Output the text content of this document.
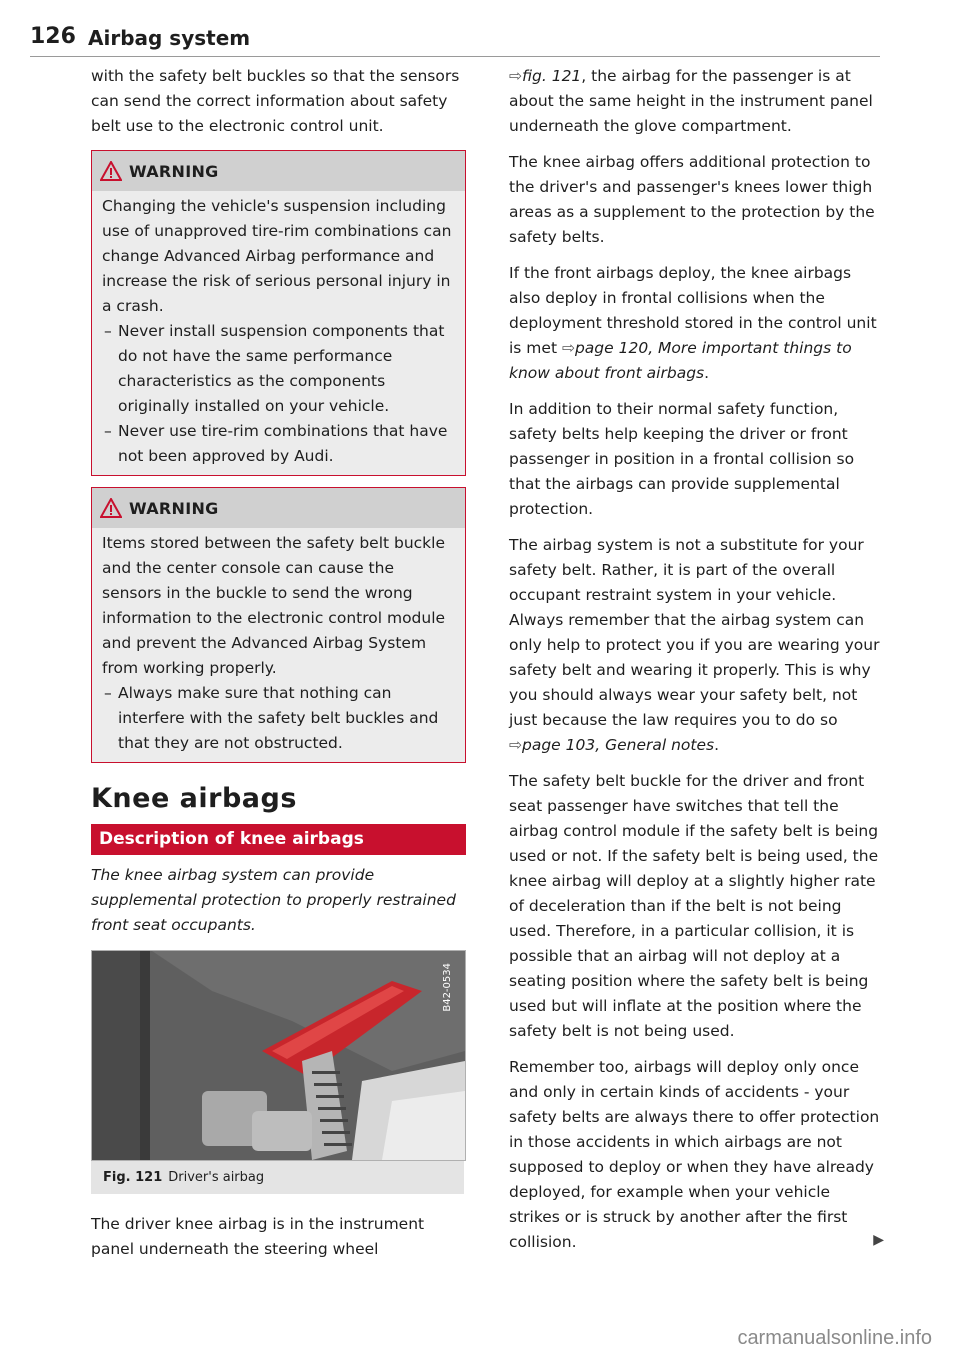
126 Airbag system

with the safety belt buckles so that the sensors can send the correct information about safety belt use to the electronic control unit.

WARNING

Changing the vehicle's suspension including use of unapproved tire-rim combinations can change Advanced Airbag performance and increase the risk of serious personal injury in a crash.

– Never install suspension components that do not have the same performance characteristics as the components originally installed on your vehicle.
– Never use tire-rim combinations that have not been approved by Audi.
WARNING

Items stored between the safety belt buckle and the center console can cause the sensors in the buckle to send the wrong information to the electronic control module and prevent the Advanced Airbag System from working properly.

– Always make sure that nothing can interfere with the safety belt buckles and that they are not obstructed.
Knee airbags
Description of knee airbags

The knee airbag system can provide supplemental protection to properly restrained front seat occupants.

B42-0534
Fig. 121 Driver's airbag

The driver knee airbag is in the instrument panel underneath the steering wheel

⇨fig. 121, the airbag for the passenger is at about the same height in the instrument panel underneath the glove compartment.

The knee airbag offers additional protection to the driver's and passenger's knees lower thigh areas as a supplement to the protection by the safety belts.

If the front airbags deploy, the knee airbags also deploy in frontal collisions when the deployment threshold stored in the control unit is met ⇨page 120, More important things to know about front airbags.

In addition to their normal safety function, safety belts help keeping the driver or front passenger in position in a frontal collision so that the airbags can provide supplemental protection.

The airbag system is not a substitute for your safety belt. Rather, it is part of the overall occupant restraint system in your vehicle. Always remember that the airbag system can only help to protect you if you are wearing your safety belt and wearing it properly. This is why you should always wear your safety belt, not just because the law requires you to do so ⇨page 103, General notes.

The safety belt buckle for the driver and front seat passenger have switches that tell the airbag control module if the safety belt is being used or not. If the safety belt is being used, the knee airbag will deploy at a slightly higher rate of deceleration than if the belt is not being used. Therefore, in a particular collision, it is possible that an airbag will not deploy at a seating position where the safety belt is being used but will inflate at the position where the safety belt is not being used.

Remember too, airbags will deploy only once and only in certain kinds of accidents - your safety belts are always there to offer protection in those accidents in which airbags are not supposed to deploy or when they have already deployed, for example when your vehicle strikes or is struck by another after the first collision.	▶

carmanualsonline.info
